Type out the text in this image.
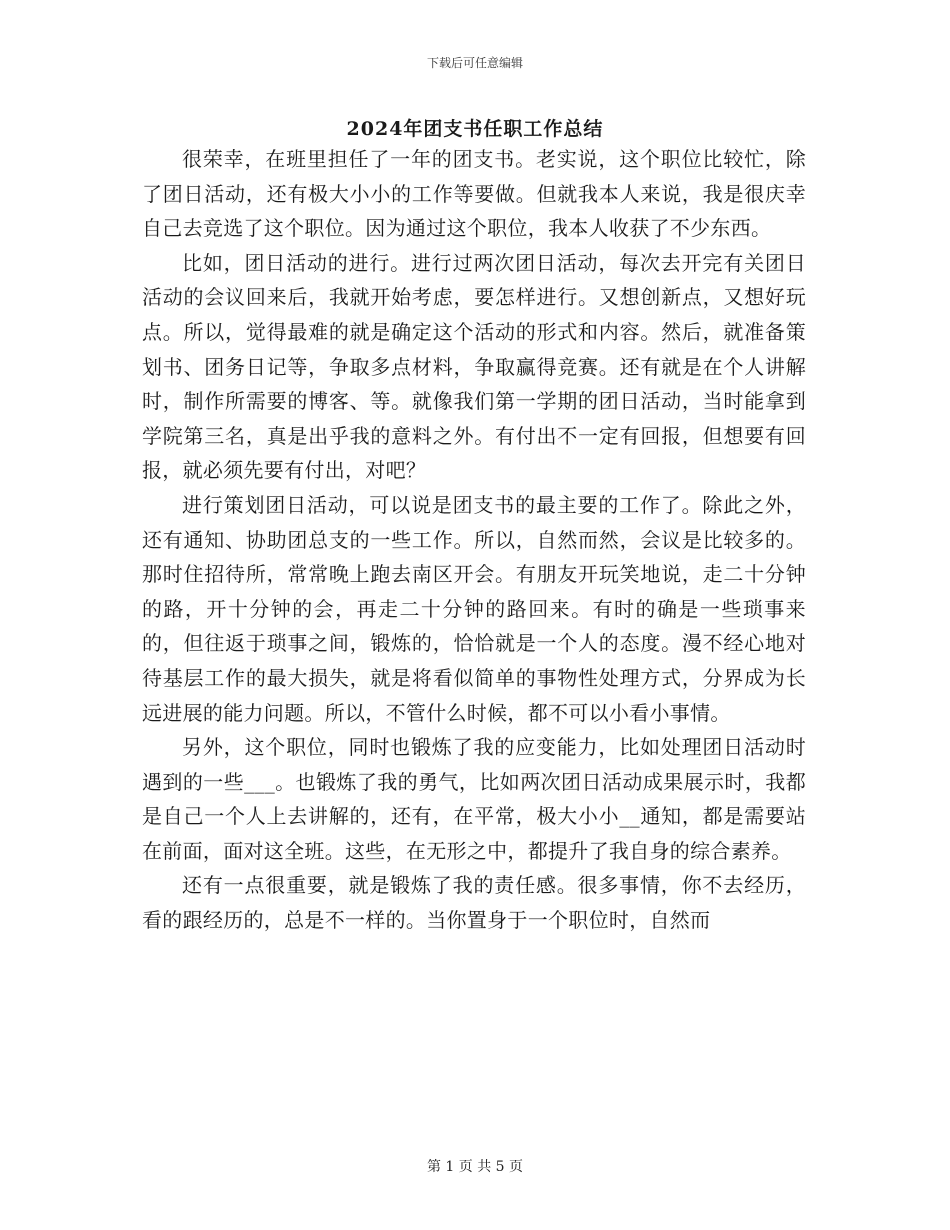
下载后可任意编辑
2024年团支书任职工作总结

很荣幸，在班里担任了一年的团支书。老实说，这个职位比较忙，除了团日活动，还有极大小小的工作等要做。但就我本人来说，我是很庆幸自己去竞选了这个职位。因为通过这个职位，我本人收获了不少东西。

比如，团日活动的进行。进行过两次团日活动，每次去开完有关团日活动的会议回来后，我就开始考虑，要怎样进行。又想创新点，又想好玩点。所以，觉得最难的就是确定这个活动的形式和内容。然后，就准备策划书、团务日记等，争取多点材料，争取赢得竞赛。还有就是在个人讲解时，制作所需要的博客、等。就像我们第一学期的团日活动，当时能拿到学院第三名，真是出乎我的意料之外。有付出不一定有回报，但想要有回报，就必须先要有付出，对吧？

进行策划团日活动，可以说是团支书的最主要的工作了。除此之外，还有通知、协助团总支的一些工作。所以，自然而然，会议是比较多的。那时住招待所，常常晚上跑去南区开会。有朋友开玩笑地说，走二十分钟的路，开十分钟的会，再走二十分钟的路回来。有时的确是一些琐事来的，但往返于琐事之间，锻炼的，恰恰就是一个人的态度。漫不经心地对待基层工作的最大损失，就是将看似简单的事物性处理方式，分界成为长远进展的能力问题。所以，不管什么时候，都不可以小看小事情。

另外，这个职位，同时也锻炼了我的应变能力，比如处理团日活动时遇到的一些___。也锻炼了我的勇气，比如两次团日活动成果展示时，我都是自己一个人上去讲解的，还有，在平常，极大小小__通知，都是需要站在前面，面对这全班。这些，在无形之中，都提升了我自身的综合素养。

还有一点很重要，就是锻炼了我的责任感。很多事情，你不去经历，看的跟经历的，总是不一样的。当你置身于一个职位时，自然而

第 1 页 共 5 页
